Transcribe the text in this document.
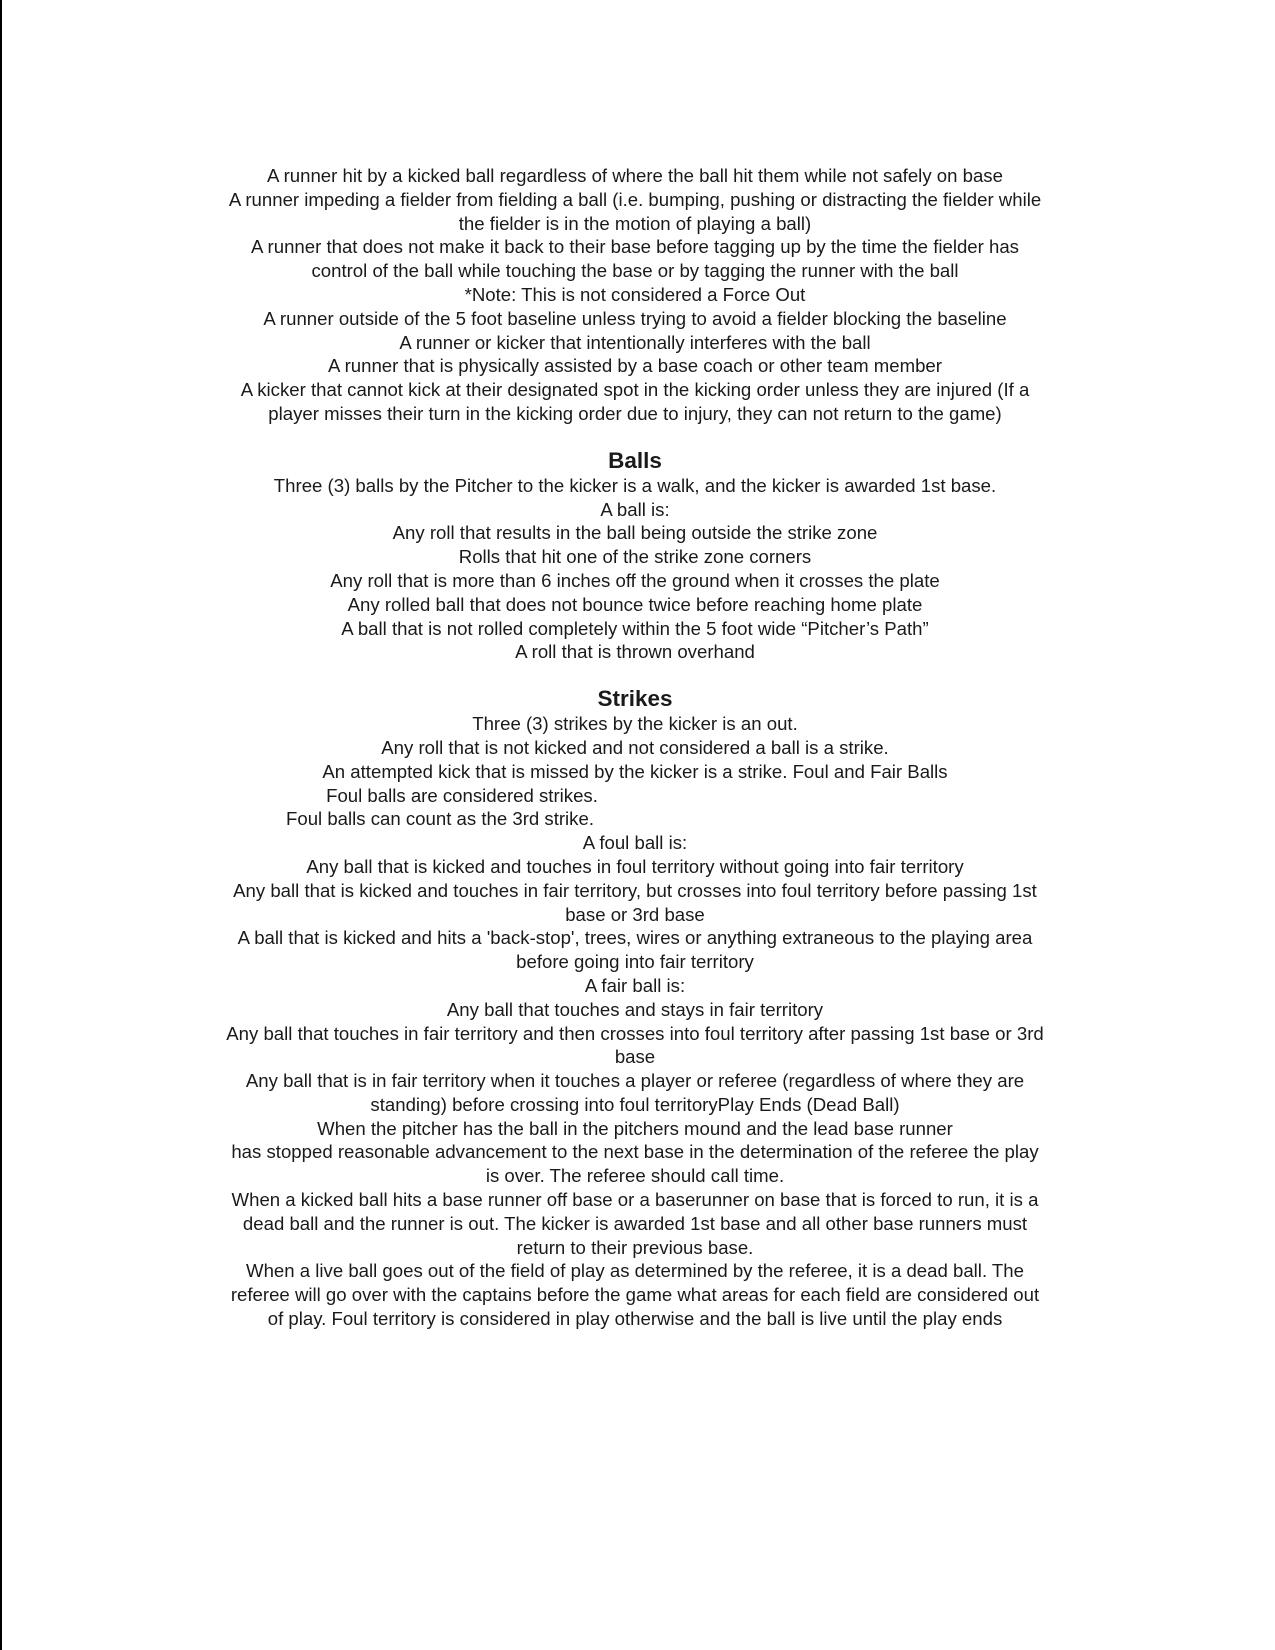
A runner hit by a kicked ball regardless of where the ball hit them while not safely on base
A runner impeding a fielder from fielding a ball (i.e. bumping, pushing or distracting the fielder while
the fielder is in the motion of playing a ball)
A runner that does not make it back to their base before tagging up by the time the fielder has
control of the ball while touching the base or by tagging the runner with the ball
*Note: This is not considered a Force Out
A runner outside of the 5 foot baseline unless trying to avoid a fielder blocking the baseline
A runner or kicker that intentionally interferes with the ball
A runner that is physically assisted by a base coach or other team member
A kicker that cannot kick at their designated spot in the kicking order unless they are injured (If a
player misses their turn in the kicking order due to injury, they can not return to the game)
Balls
Three (3) balls by the Pitcher to the kicker is a walk, and the kicker is awarded 1st base.
A ball is:
Any roll that results in the ball being outside the strike zone
Rolls that hit one of the strike zone corners
Any roll that is more than 6 inches off the ground when it crosses the plate
Any rolled ball that does not bounce twice before reaching home plate
A ball that is not rolled completely within the 5 foot wide “Pitcher’s Path”
A roll that is thrown overhand
Strikes
Three (3) strikes by the kicker is an out.
Any roll that is not kicked and not considered a ball is a strike.
An attempted kick that is missed by the kicker is a strike. Foul and Fair Balls
Foul balls are considered strikes.
Foul balls can count as the 3rd strike.
A foul ball is:
Any ball that is kicked and touches in foul territory without going into fair territory
Any ball that is kicked and touches in fair territory, but crosses into foul territory before passing 1st
base or 3rd base
A ball that is kicked and hits a 'back-stop', trees, wires or anything extraneous to the playing area
before going into fair territory
A fair ball is:
Any ball that touches and stays in fair territory
Any ball that touches in fair territory and then crosses into foul territory after passing 1st base or 3rd
base
Any ball that is in fair territory when it touches a player or referee (regardless of where they are
standing) before crossing into foul territoryPlay Ends (Dead Ball)
When the pitcher has the ball in the pitchers mound and the lead base runner
has stopped reasonable advancement to the next base in the determination of the referee the play
is over. The referee should call time.
When a kicked ball hits a base runner off base or a baserunner on base that is forced to run, it is a
dead ball and the runner is out. The kicker is awarded 1st base and all other base runners must
return to their previous base.
When a live ball goes out of the field of play as determined by the referee, it is a dead ball. The
referee will go over with the captains before the game what areas for each field are considered out
of play. Foul territory is considered in play otherwise and the ball is live until the play ends
